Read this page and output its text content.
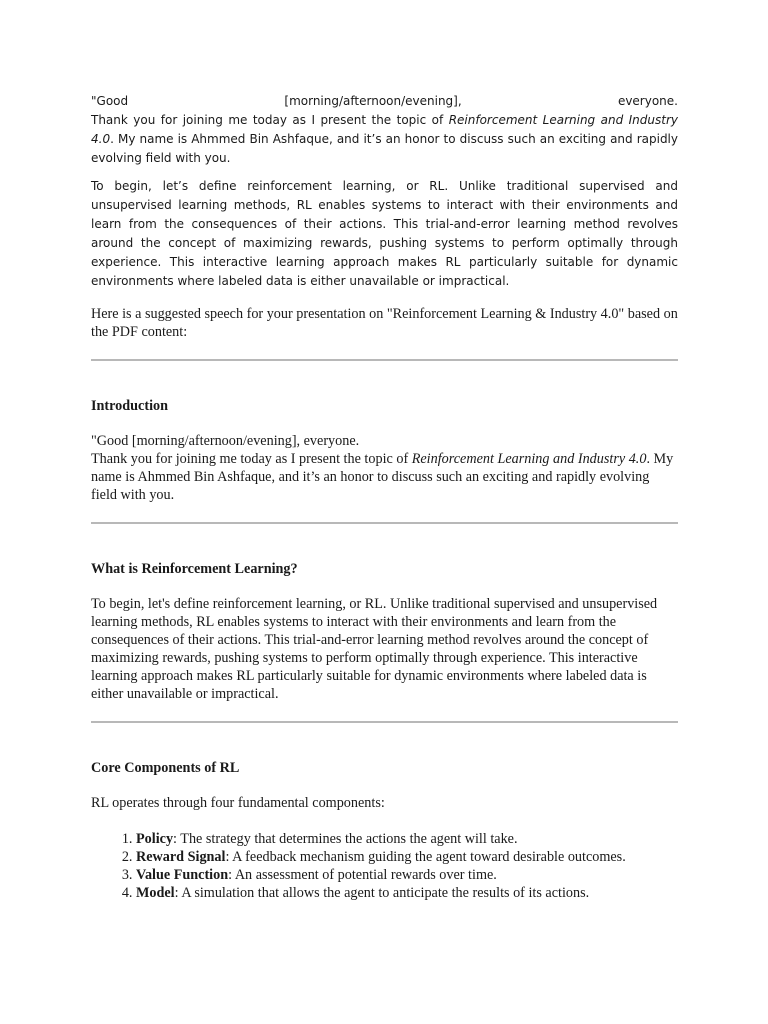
"Good	[morning/afternoon/evening],	everyone.

Thank you for joining me today as I present the topic of Reinforcement Learning and Industry 4.0. My name is Ahmmed Bin Ashfaque, and it’s an honor to discuss such an exciting and rapidly evolving field with you.

To begin, let’s define reinforcement learning, or RL. Unlike traditional supervised and unsupervised learning methods, RL enables systems to interact with their environments and learn from the consequences of their actions. This trial-and-error learning method revolves around the concept of maximizing rewards, pushing systems to perform optimally through experience. This interactive learning approach makes RL particularly suitable for dynamic environments where labeled data is either unavailable or impractical.

Here is a suggested speech for your presentation on "Reinforcement Learning & Industry 4.0" based on the PDF content:

Introduction

"Good [morning/afternoon/evening], everyone.

Thank you for joining me today as I present the topic of Reinforcement Learning and Industry 4.0. My name is Ahmmed Bin Ashfaque, and it’s an honor to discuss such an exciting and rapidly evolving field with you.

What is Reinforcement Learning?

To begin, let's define reinforcement learning, or RL. Unlike traditional supervised and unsupervised learning methods, RL enables systems to interact with their environments and learn from the consequences of their actions. This trial-and-error learning method revolves around the concept of maximizing rewards, pushing systems to perform optimally through experience. This interactive learning approach makes RL particularly suitable for dynamic environments where labeled data is either unavailable or impractical.

Core Components of RL

RL operates through four fundamental components:

1. Policy: The strategy that determines the actions the agent will take.
2. Reward Signal: A feedback mechanism guiding the agent toward desirable outcomes.
3. Value Function: An assessment of potential rewards over time.
4. Model: A simulation that allows the agent to anticipate the results of its actions.
